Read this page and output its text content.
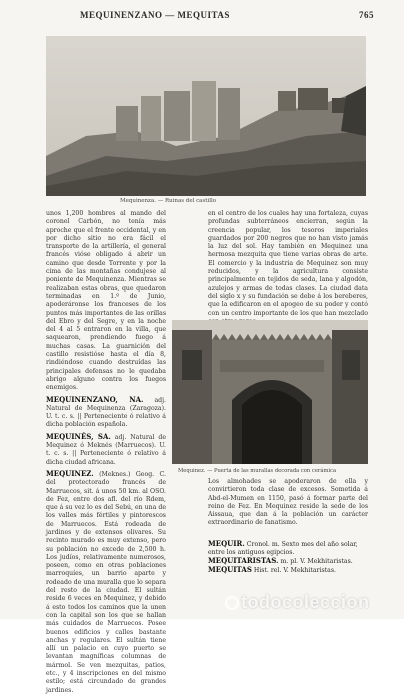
MEQUINENZANO — MEQUITAS	765
Mequinenza. — Ruinas del castillo
unos 1,200 hombres al mando del coronel Carbón, no tenía más aproche que el frente occidental, y en por dicho sitio no era fácil el transporte de la artillería, el general francés vióse obligado á abrir un camino que desde Torrente y por la cima de las montañas condujese al poniente de Mequinenza. Mientras se realizaban estas obras, que quedaron terminadas en 1.º de Junio, apoderáronse los franceses de los puntos más importantes de las orillas del Ebro y del Segre, y en la noche del 4 al 5 entraron en la villa, que saquearon, prendiendo fuego á muchas casas. La guarnición del castillo resistióse hasta el día 8, rindiéndose cuando destruídas las principales defensas no le quedaba abrigo alguno contra los fuegos enemigos.
MEQUINENZANO, NA. adj. Natural de Mequinenza (Zaragoza). U. t. c. s. || Perteneciente ó relativo á dicha población española.
MEQUINÉS, SA. adj. Natural de Mequinez ó Meknés (Marruecos). U. t. c. s. || Perteneciente ó relativo á dicha ciudad africana.
MEQUINEZ. (Meknes.) Geog. C. del protectorado francés de Marruecos, sit. á unos 50 km. al OSO. de Fez, entre dos afl. del río Rdem, que á su vez lo es del Sebú, en una de los valles más fértiles y pintorescos de Marruecos. Está rodeada de jardines y de extensos olivares. Su recinto murado es muy extenso, pero su población no excede de 2,500 h. Los judíos, relativamente numerosos, poseen, como en otras poblaciones marroquíes, un barrio aparte y rodeado de una muralla que lo separa del resto de la ciudad. El sultán reside 6 veces en Mequinez, y debido á esto todos los caminos que la unen con la capital son los que se hallan más cuidados de Marruecos. Posee buenos edificios y calles bastante anchas y regulares. El sultán tiene allí un palacio en cuyo puerto se levantan magníficas columnas de mármol. Se ven mezquitas, patios, etc., y 4 inscripciones en del mismo estilo; está circundado de grandes jardines.
en el centro de los cuales hay una fortaleza, cuyas profundas subterráneos encierran, según la creencia popular, los tesoros imperiales guardados por 200 negros que no han visto jamás la luz del sol. Hay también en Mequinez una hermosa mezquita que tiene varias obras de arte. El comercio y la industria de Mequinez son muy reducidos, y la agricultura consiste principalmente en tejidos de seda, lana y algodón, azulejos y armas de todas clases. La ciudad data del siglo x y su fundación se debe á los bereberes, que la edificaron en el apogeo de su poder y contó con un centro importante de los que han mezclado
Mequinez. — Puerta de las murallas decorada con cerámica
Los almohades se apoderaron de ella y convirtieron toda clase de excesos. Sometida á Abd-el-Mumen en 1150, pasó á formar parte del reino de Fez. En Mequinez reside la sede de los Aissaua, que dan á la población un carácter extraordinario de fanatismo.
MEQUIR. Cronol. m. Sexto mes del año solar, entre los antiguos egipcios.
MEQUITARISTAS. m. pl. V. Mekhitaristas.
MEQUITAS Hist. rel. V. Mekhitaristas.
todocoleccion
